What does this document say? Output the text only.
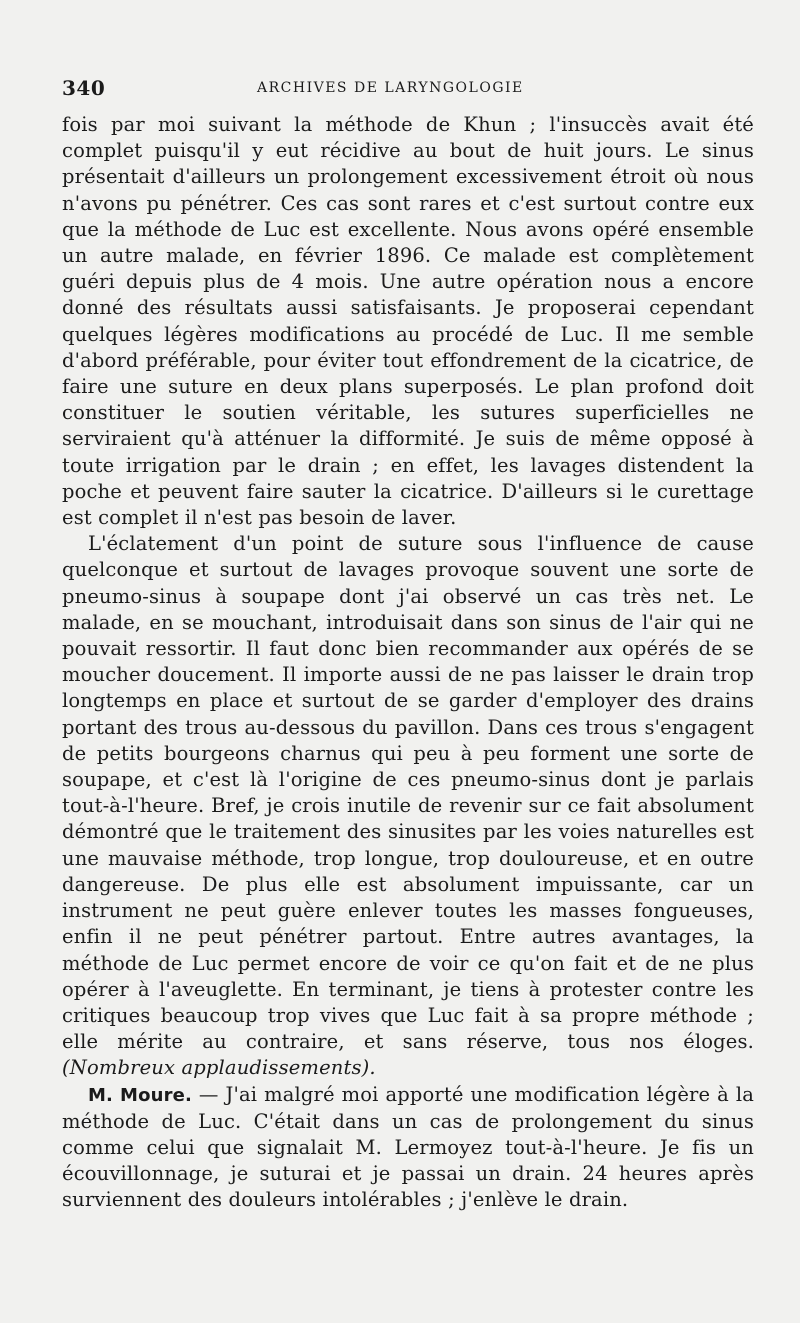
340	ARCHIVES DE LARYNGOLOGIE

fois par moi suivant la méthode de Khun ; l'insuccès avait été complet puisqu'il y eut récidive au bout de huit jours. Le sinus présentait d'ailleurs un prolongement excessivement étroit où nous n'avons pu pénétrer. Ces cas sont rares et c'est surtout contre eux que la méthode de Luc est excellente. Nous avons opéré ensemble un autre malade, en février 1896. Ce malade est complètement guéri depuis plus de 4 mois. Une autre opération nous a encore donné des résultats aussi satisfaisants. Je proposerai cependant quelques légères modifications au procédé de Luc. Il me semble d'abord préférable, pour éviter tout effondrement de la cicatrice, de faire une suture en deux plans superposés. Le plan profond doit constituer le soutien véritable, les sutures superficielles ne serviraient qu'à atténuer la difformité. Je suis de même opposé à toute irrigation par le drain ; en effet, les lavages distendent la poche et peuvent faire sauter la cicatrice. D'ailleurs si le curettage est complet il n'est pas besoin de laver.

L'éclatement d'un point de suture sous l'influence de cause quelconque et surtout de lavages provoque souvent une sorte de pneumo-sinus à soupape dont j'ai observé un cas très net. Le malade, en se mouchant, introduisait dans son sinus de l'air qui ne pouvait ressortir. Il faut donc bien recommander aux opérés de se moucher doucement. Il importe aussi de ne pas laisser le drain trop longtemps en place et surtout de se garder d'employer des drains portant des trous au-dessous du pavillon. Dans ces trous s'engagent de petits bourgeons charnus qui peu à peu forment une sorte de soupape, et c'est là l'origine de ces pneumo-sinus dont je parlais tout-à-l'heure. Bref, je crois inutile de revenir sur ce fait absolument démontré que le traitement des sinusites par les voies naturelles est une mauvaise méthode, trop longue, trop douloureuse, et en outre dangereuse. De plus elle est absolument impuissante, car un instrument ne peut guère enlever toutes les masses fongueuses, enfin il ne peut pénétrer partout. Entre autres avantages, la méthode de Luc permet encore de voir ce qu'on fait et de ne plus opérer à l'aveuglette. En terminant, je tiens à protester contre les critiques beaucoup trop vives que Luc fait à sa propre méthode ; elle mérite au contraire, et sans réserve, tous nos éloges. (Nombreux applaudissements).

M. Moure. — J'ai malgré moi apporté une modification légère à la méthode de Luc. C'était dans un cas de prolongement du sinus comme celui que signalait M. Lermoyez tout-à-l'heure. Je fis un écouvillonnage, je suturai et je passai un drain. 24 heures après surviennent des douleurs intolérables ; j'enlève le drain.
